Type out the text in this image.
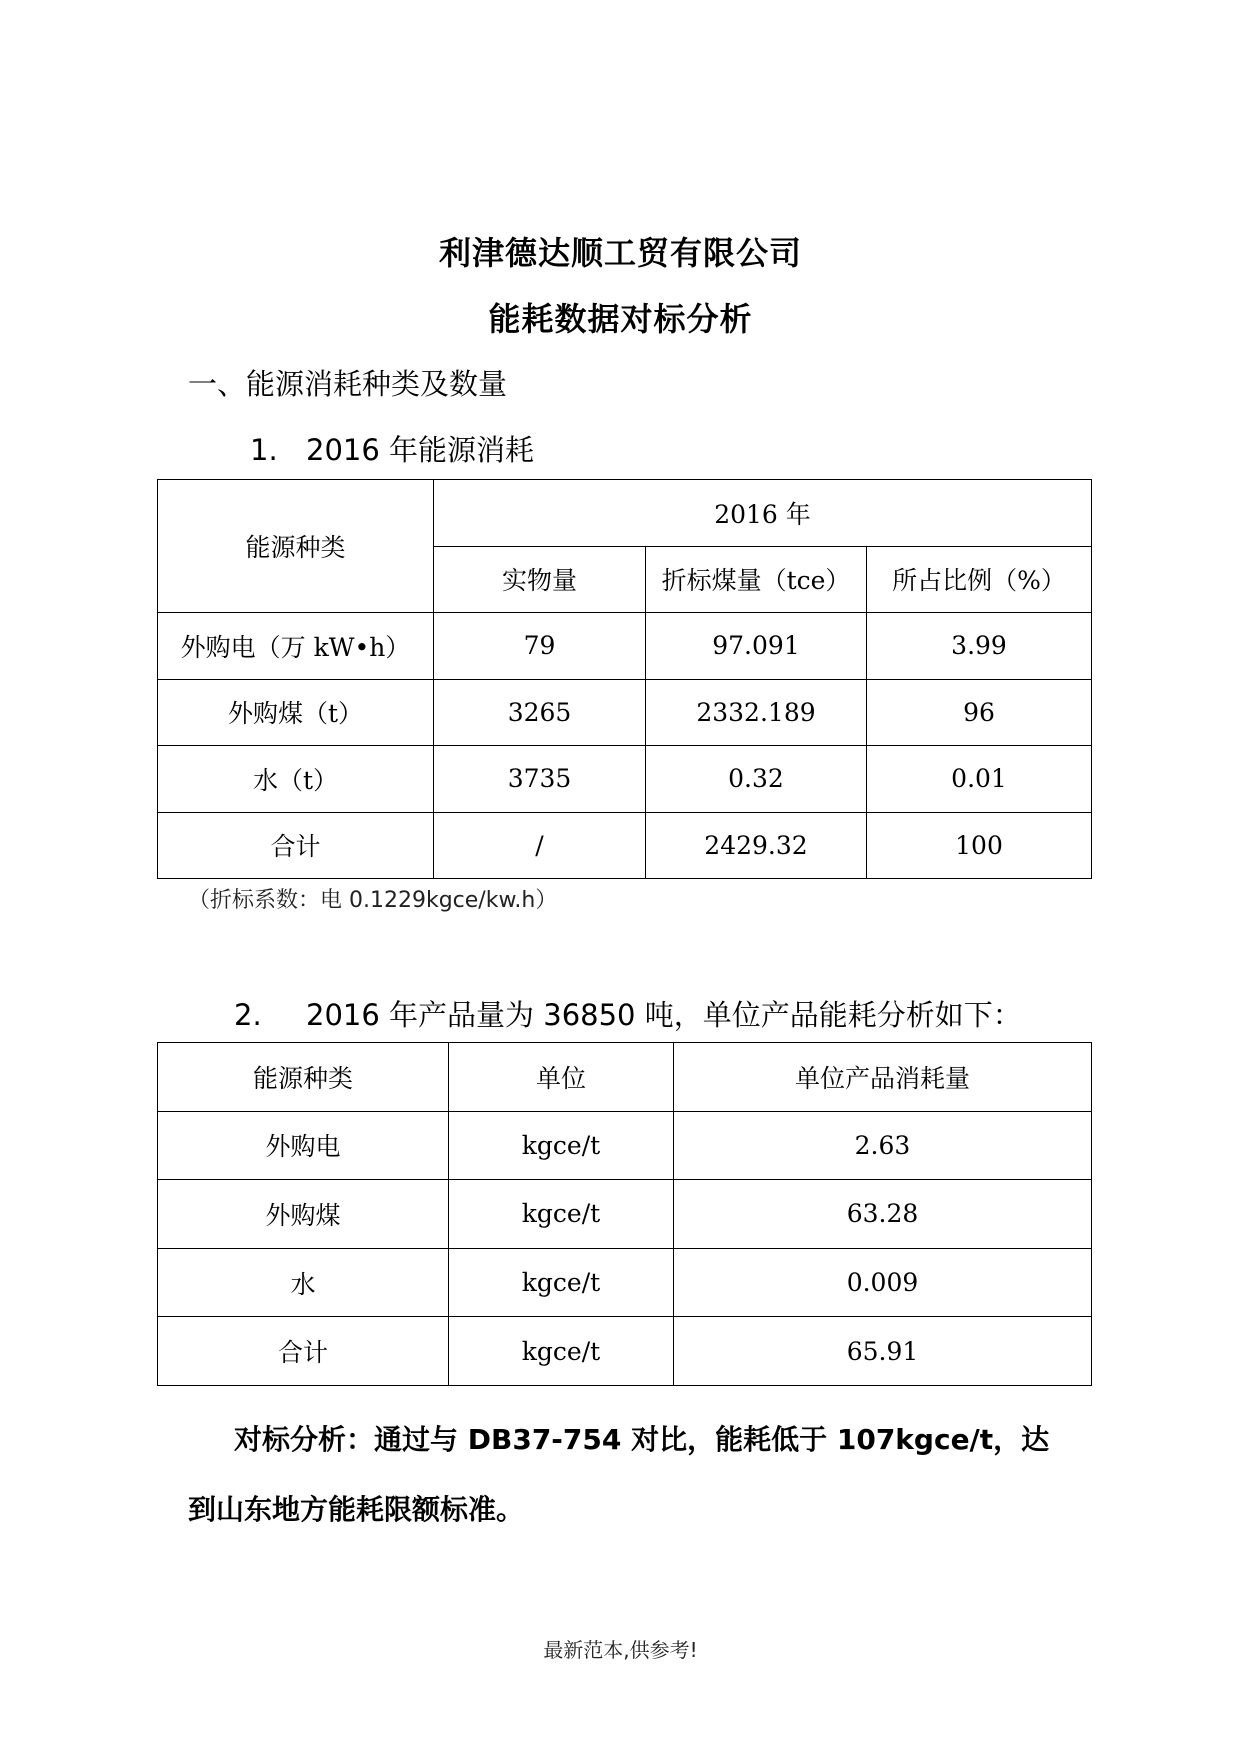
利津德达顺工贸有限公司
能耗数据对标分析
一、能源消耗种类及数量
1. 2016 年能源消耗
能源种类	2016 年		
	实物量	折标煤量（tce）	所占比例（%）
外购电（万 kW•h）	79	97.091	3.99
外购煤（t）	3265	2332.189	96
水（t）	3735	0.32	0.01
合计	/	2429.32	100
（折标系数：电 0.1229kgce/kw.h）
2. 2016 年产品量为 36850 吨，单位产品能耗分析如下：
能源种类	单位	单位产品消耗量
外购电	kgce/t	2.63
外购煤	kgce/t	63.28
水	kgce/t	0.009
合计	kgce/t	65.91
对标分析：通过与 DB37-754 对比，能耗低于 107kgce/t，达
到山东地方能耗限额标准。
最新范本,供参考!
